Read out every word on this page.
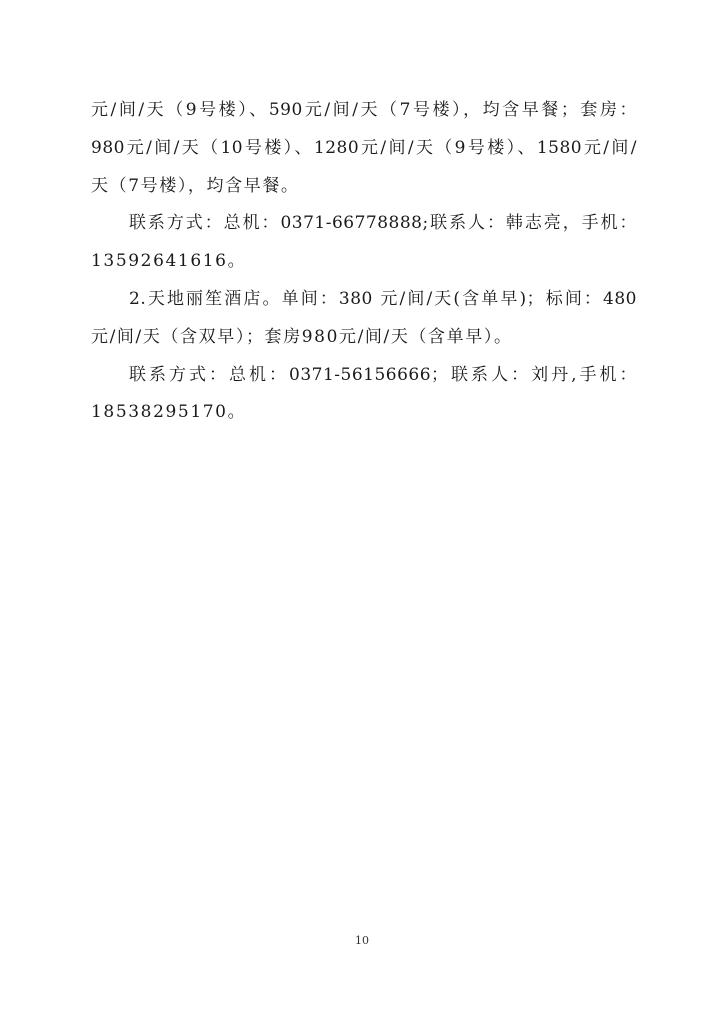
元/间/天（9号楼）、590元/间/天（7号楼），均含早餐；套房：
980元/间/天（10号楼）、1280元/间/天（9号楼）、1580元/间/
天（7号楼），均含早餐。
联系方式：总机：0371-66778888;联系人：韩志亮，手机：
13592641616。
2.天地丽笙酒店。单间：380 元/间/天(含单早)；标间：480
元/间/天（含双早）；套房980元/间/天（含单早）。
联系方式：总机：0371-56156666；联系人：刘丹,手机：
18538295170。
10
